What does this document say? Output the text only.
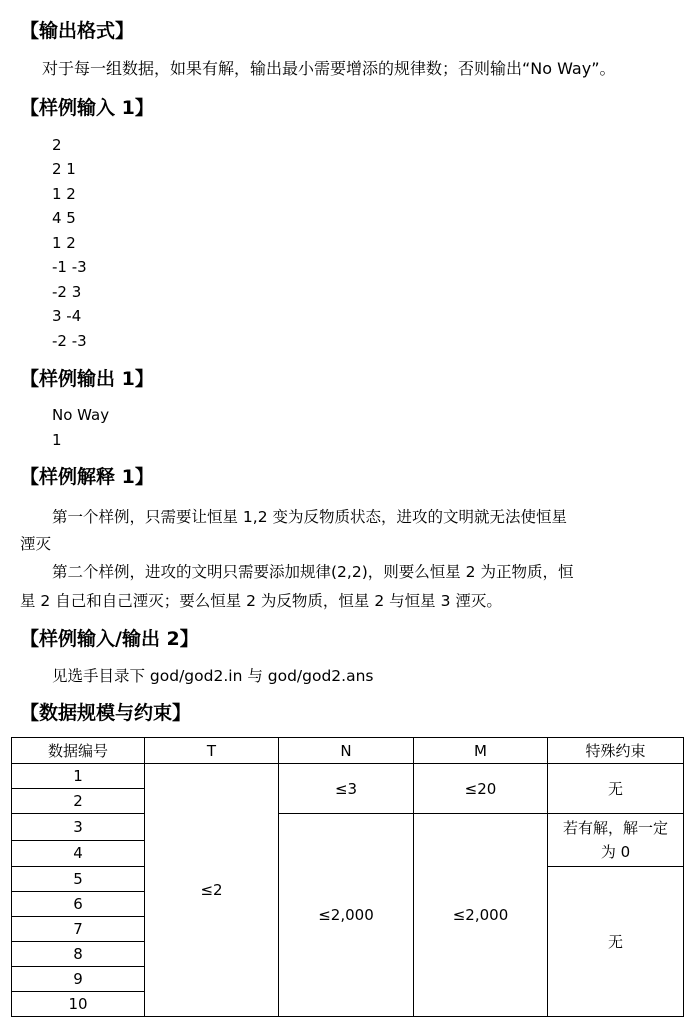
【输出格式】
对于每一组数据，如果有解，输出最小需要增添的规律数；否则输出“No Way”。
【样例输入 1】
2
2 1
1 2
4 5
1 2
-1 -3
-2 3
3 -4
-2 -3
【样例输出 1】
No Way
1
【样例解释 1】
第一个样例，只需要让恒星 1,2 变为反物质状态，进攻的文明就无法使恒星
湮灭
第二个样例，进攻的文明只需要添加规律(2,2)，则要么恒星 2 为正物质，恒
星 2 自己和自己湮灭；要么恒星 2 为反物质，恒星 2 与恒星 3 湮灭。
【样例输入/输出 2】
见选手目录下 god/god2.in 与 god/god2.ans
【数据规模与约束】
数据编号	T	N	M	特殊约束
1	≤2	≤3	≤20	无
2				
3		≤2,000	≤2,000	若有解，解一定为 0
4				
5				无
6				
7				
8				
9				
10				
